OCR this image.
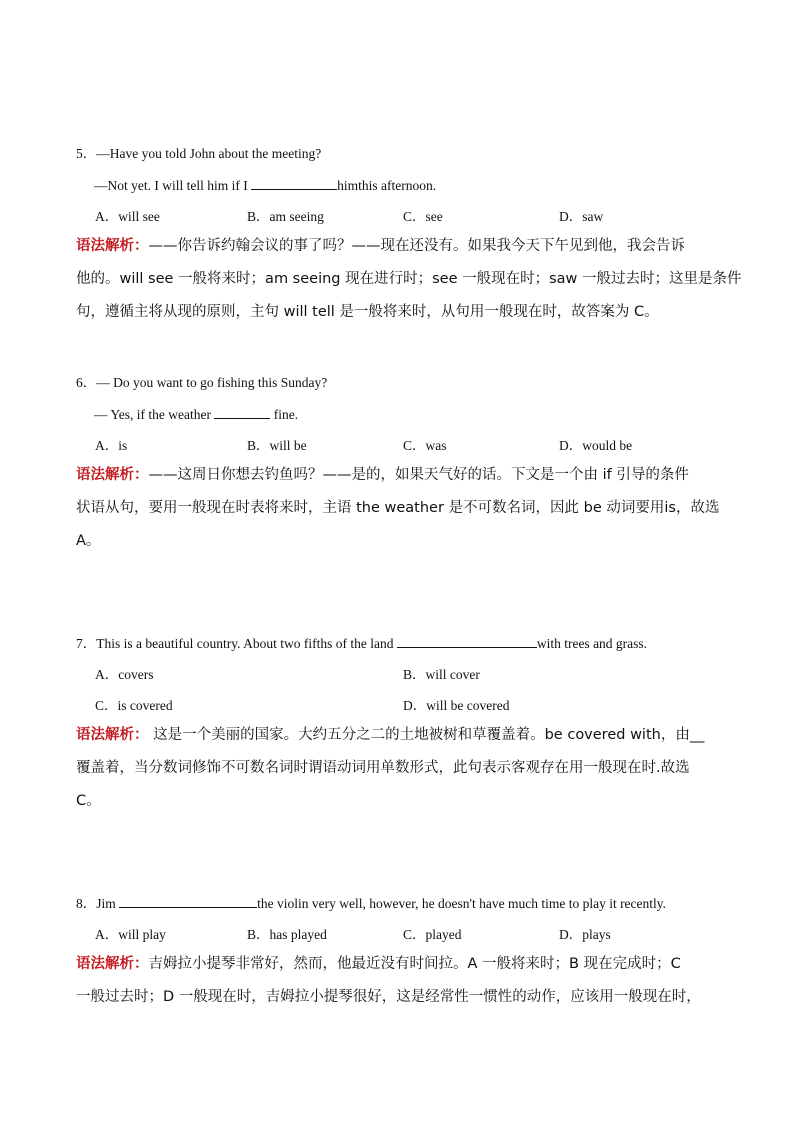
5．—Have you told John about the meeting?

—Not yet. I will tell him if I	himthis afternoon.

A．will see	B．am seeing	C．see	D．saw
语法解析：——你告诉约翰会议的事了吗？——现在还没有。如果我今天下午见到他，我会告诉
他的。will see 一般将来时；am seeing 现在进行时；see 一般现在时；saw 一般过去时；这里是条件
句，遵循主将从现的原则，主句 will tell 是一般将来时，从句用一般现在时，故答案为 C。

6．— Do you want to go fishing this Sunday?

— Yes, if the weather	fine.

A．is	B．will be	C．was	D．would be
语法解析：——这周日你想去钓鱼吗？——是的，如果天气好的话。下文是一个由 if 引导的条件
状语从句，要用一般现在时表将来时，主语 the weather 是不可数名词，因此 be 动词要用is，故选
A。

7．This is a beautiful country. About two fifths of the land	with trees and grass.

A．covers	B．will cover
C．is covered	D．will be covered
语法解析： 这是一个美丽的国家。大约五分之二的土地被树和草覆盖着。be covered with，由__
覆盖着，当分数词修饰不可数名词时谓语动词用单数形式，此句表示客观存在用一般现在时.故选
C。

8．Jim	the violin very well, however, he doesn't have much time to play it recently.

A．will play	B．has played	C．played	D．plays
语法解析：吉姆拉小提琴非常好，然而，他最近没有时间拉。A 一般将来时；B 现在完成时；C
一般过去时；D 一般现在时，吉姆拉小提琴很好，这是经常性一惯性的动作，应该用一般现在时，
